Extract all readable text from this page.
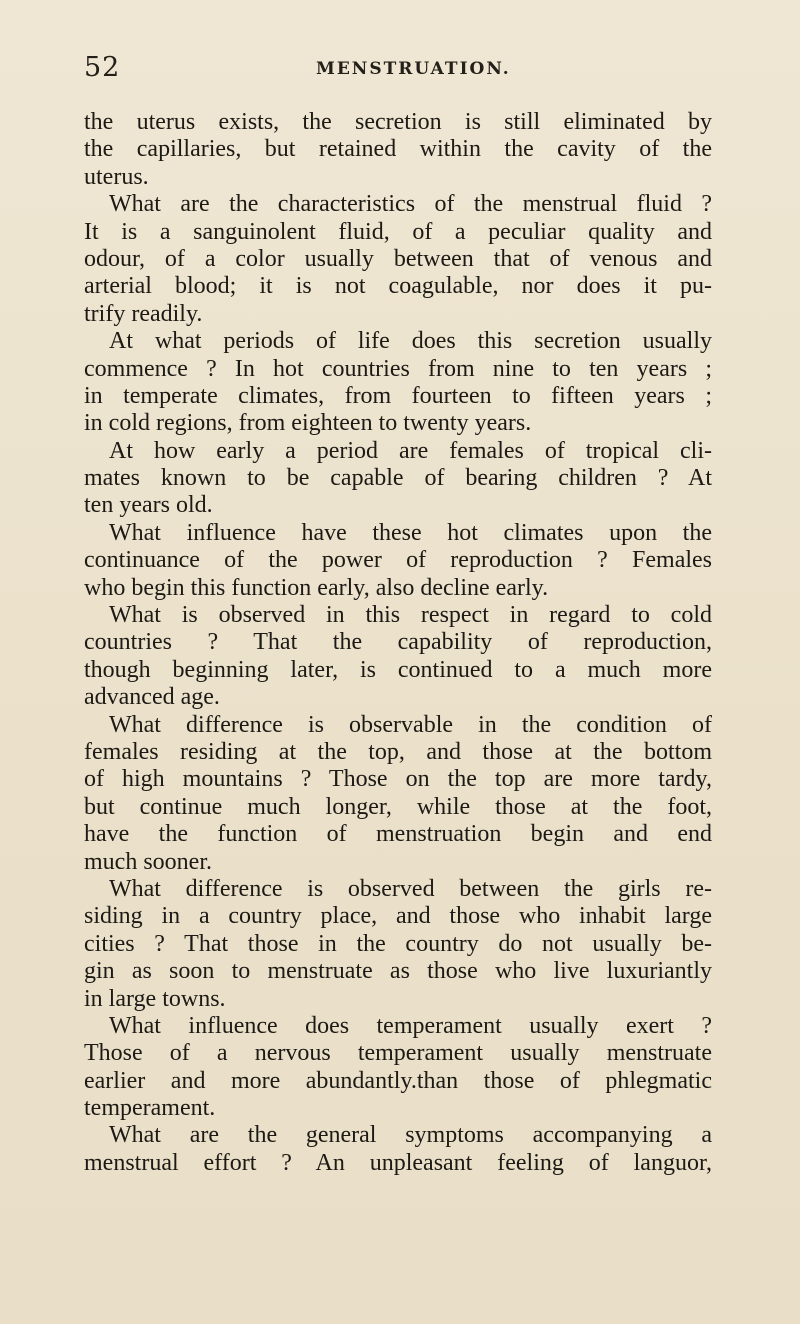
52	MENSTRUATION.
the uterus exists, the secretion is still eliminated by
the capillaries, but retained within the cavity of the
uterus.
What are the characteristics of the menstrual fluid ?
It is a sanguinolent fluid, of a peculiar quality and
odour, of a color usually between that of venous and
arterial blood; it is not coagulable, nor does it pu-
trify readily.
At what periods of life does this secretion usually
commence ? In hot countries from nine to ten years ;
in temperate climates, from fourteen to fifteen years ;
in cold regions, from eighteen to twenty years.
At how early a period are females of tropical cli-
mates known to be capable of bearing children ? At
ten years old.
What influence have these hot climates upon the
continuance of the power of reproduction ? Females
who begin this function early, also decline early.
What is observed in this respect in regard to cold
countries ? That the capability of reproduction,
though beginning later, is continued to a much more
advanced age.
What difference is observable in the condition of
females residing at the top, and those at the bottom
of high mountains ? Those on the top are more tardy,
but continue much longer, while those at the foot,
have the function of menstruation begin and end
much sooner.
What difference is observed between the girls re-
siding in a country place, and those who inhabit large
cities ? That those in the country do not usually be-
gin as soon to menstruate as those who live luxuriantly
in large towns.
What influence does temperament usually exert ?
Those of a nervous temperament usually menstruate
earlier and more abundantly.than those of phlegmatic
temperament.
What are the general symptoms accompanying a
menstrual effort ? An unpleasant feeling of languor,
